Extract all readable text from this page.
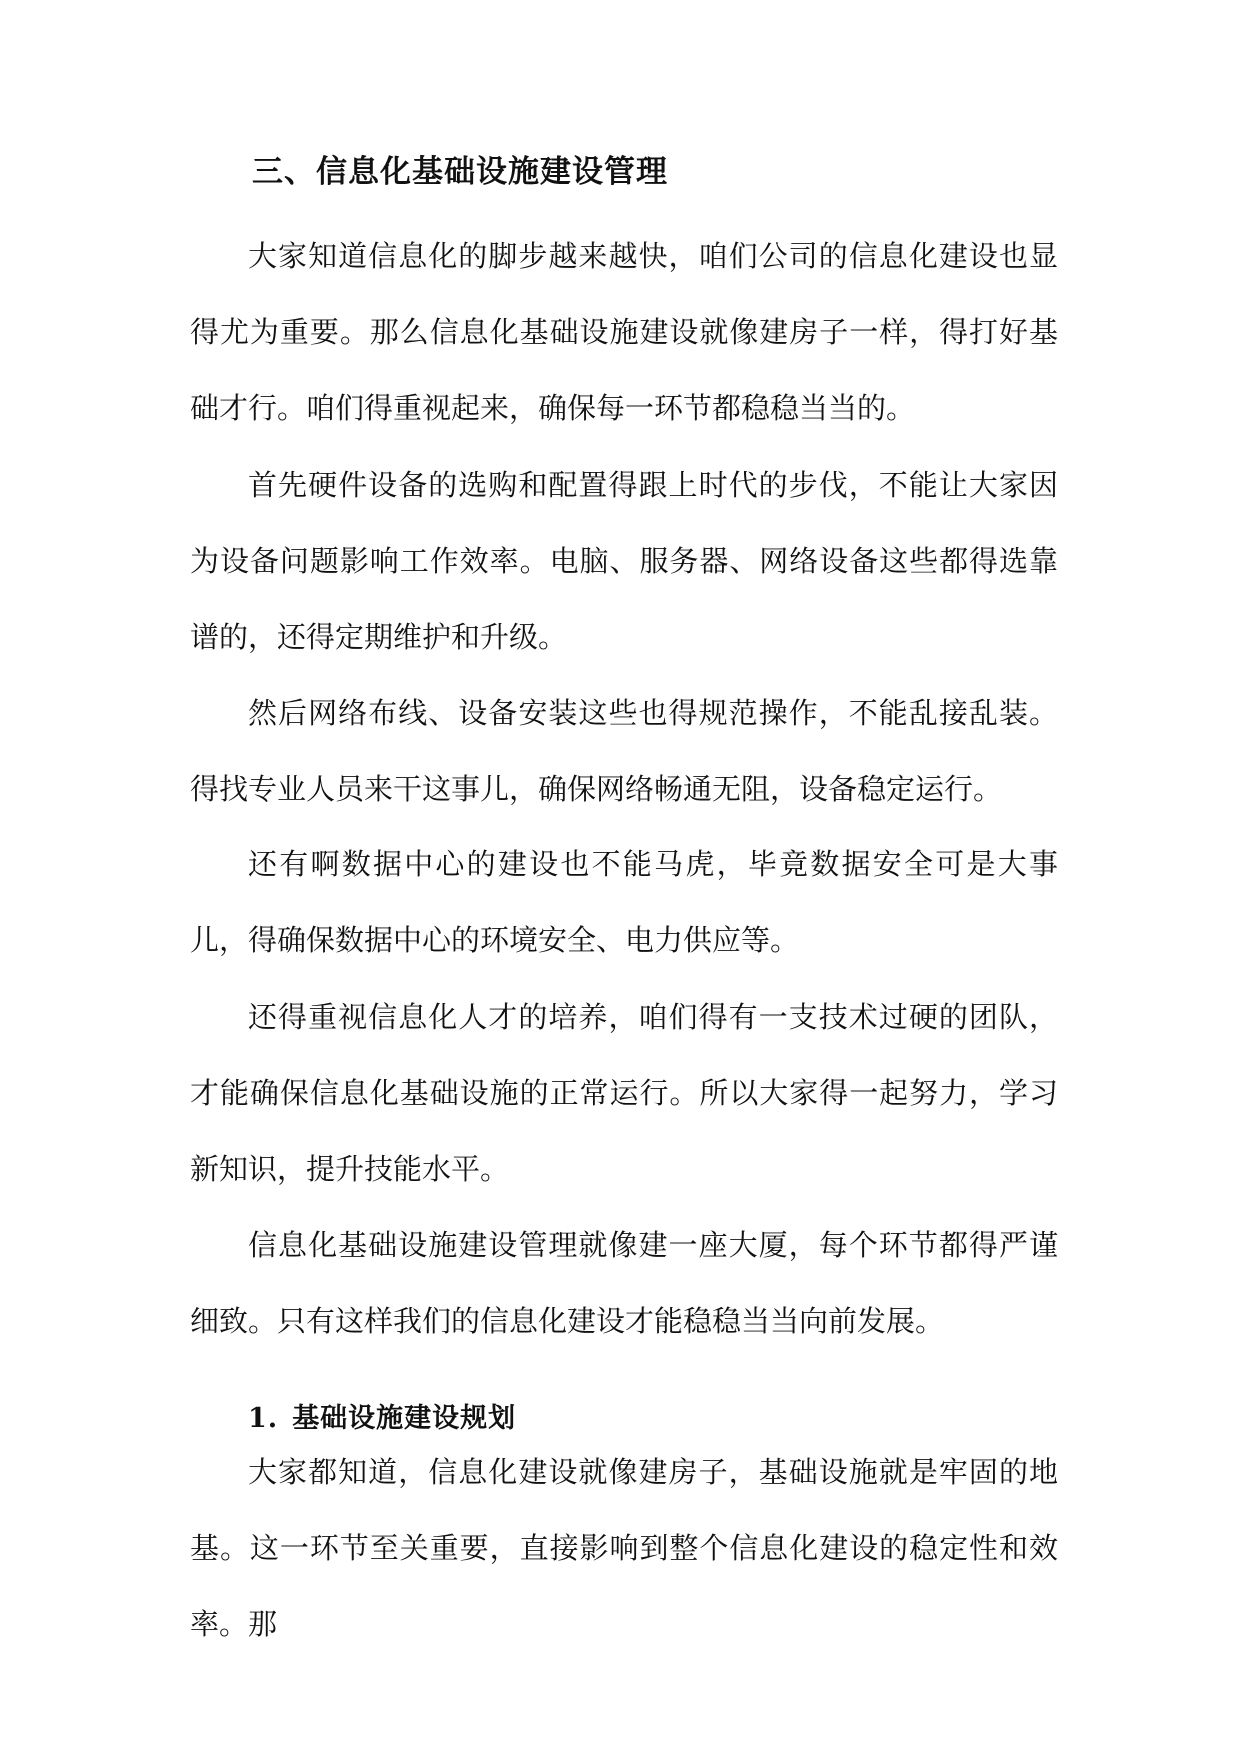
三、信息化基础设施建设管理

大家知道信息化的脚步越来越快，咱们公司的信息化建设也显得尤为重要。那么信息化基础设施建设就像建房子一样，得打好基础才行。咱们得重视起来，确保每一环节都稳稳当当的。

首先硬件设备的选购和配置得跟上时代的步伐，不能让大家因为设备问题影响工作效率。电脑、服务器、网络设备这些都得选靠谱的，还得定期维护和升级。

然后网络布线、设备安装这些也得规范操作，不能乱接乱装。得找专业人员来干这事儿，确保网络畅通无阻，设备稳定运行。

还有啊数据中心的建设也不能马虎，毕竟数据安全可是大事儿，得确保数据中心的环境安全、电力供应等。

还得重视信息化人才的培养，咱们得有一支技术过硬的团队，才能确保信息化基础设施的正常运行。所以大家得一起努力，学习新知识，提升技能水平。

信息化基础设施建设管理就像建一座大厦，每个环节都得严谨细致。只有这样我们的信息化建设才能稳稳当当向前发展。

1. 基础设施建设规划

大家都知道，信息化建设就像建房子，基础设施就是牢固的地基。这一环节至关重要，直接影响到整个信息化建设的稳定性和效率。那
